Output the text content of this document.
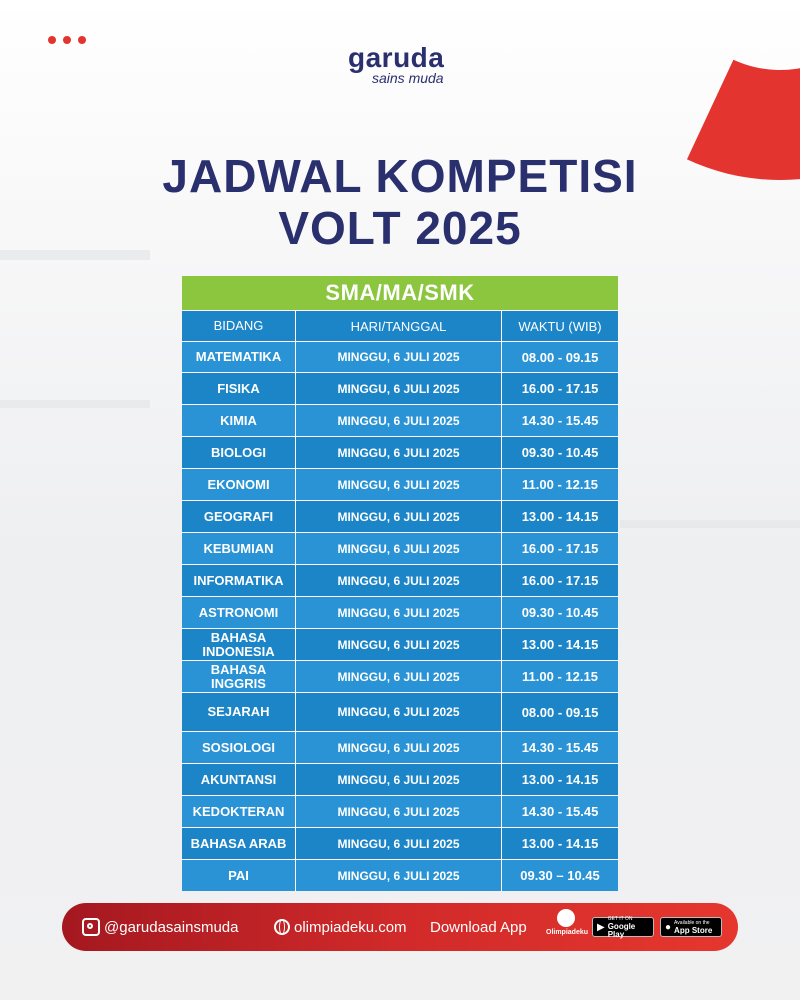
garuda
sains muda
JADWAL KOMPETISI
VOLT 2025
SMA/MA/SMK
BIDANG	HARI/TANGGAL	WAKTU (WIB)
MATEMATIKA	MINGGU, 6 JULI 2025	08.00 - 09.15
FISIKA	MINGGU, 6 JULI 2025	16.00 - 17.15
KIMIA	MINGGU, 6 JULI 2025	14.30 - 15.45
BIOLOGI	MINGGU, 6 JULI 2025	09.30 - 10.45
EKONOMI	MINGGU, 6 JULI 2025	11.00 - 12.15
GEOGRAFI	MINGGU, 6 JULI 2025	13.00 - 14.15
KEBUMIAN	MINGGU, 6 JULI 2025	16.00 - 17.15
INFORMATIKA	MINGGU, 6 JULI 2025	16.00 - 17.15
ASTRONOMI	MINGGU, 6 JULI 2025	09.30 - 10.45
BAHASA INDONESIA	MINGGU, 6 JULI 2025	13.00 - 14.15
BAHASA INGGRIS	MINGGU, 6 JULI 2025	11.00 - 12.15
SEJARAH	MINGGU, 6 JULI 2025	08.00 - 09.15
SOSIOLOGI	MINGGU, 6 JULI 2025	14.30 - 15.45
AKUNTANSI	MINGGU, 6 JULI 2025	13.00 - 14.15
KEDOKTERAN	MINGGU, 6 JULI 2025	14.30 - 15.45
BAHASA ARAB	MINGGU, 6 JULI 2025	13.00 - 14.15
PAI	MINGGU, 6 JULI 2025	09.30 – 10.45
@garudasainsmuda	olimpiadeku.com Download App	Olimpiadeku ▶
GET IT ON
Google Play
● Available on the
App Store
